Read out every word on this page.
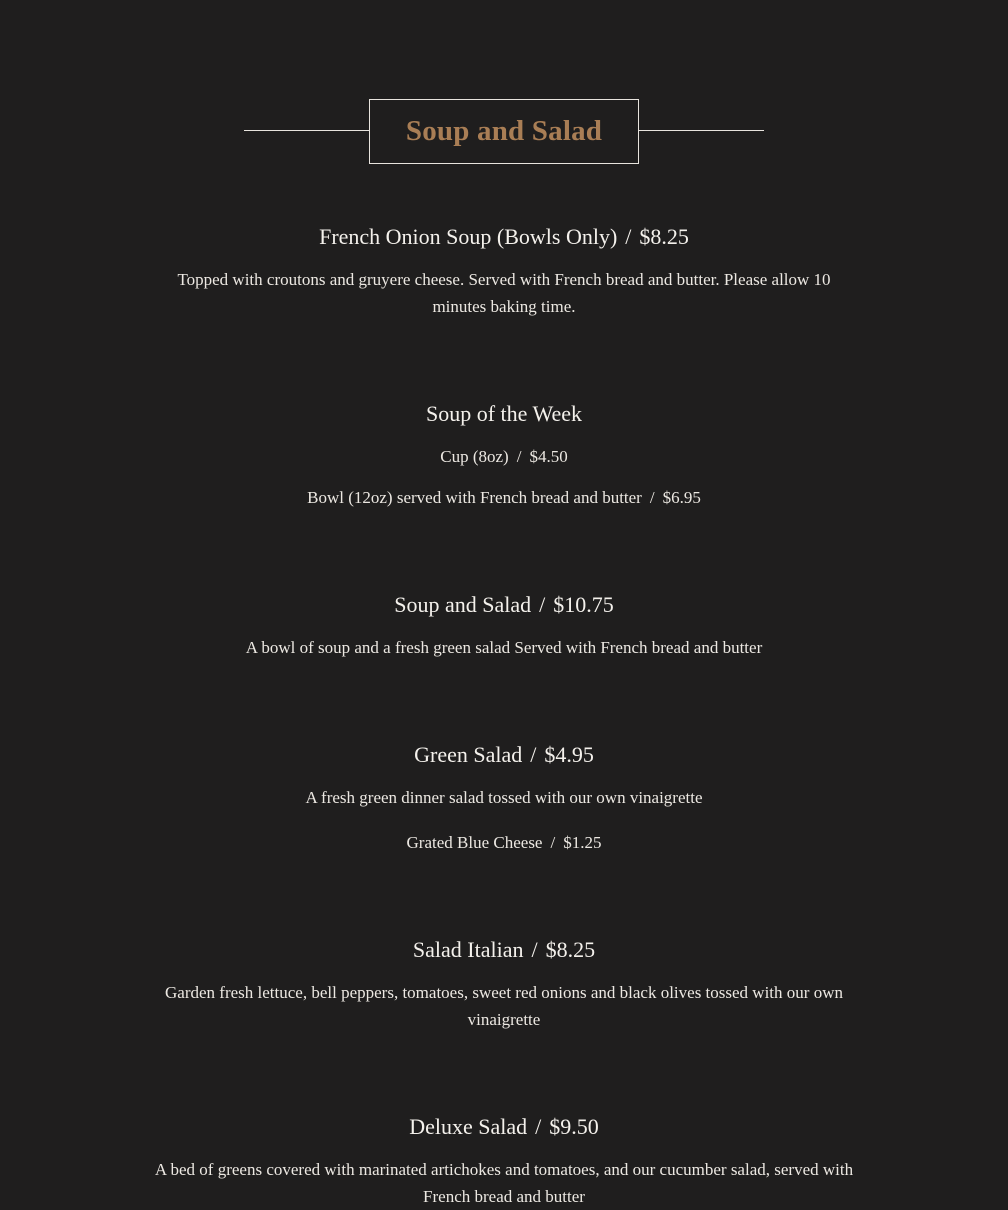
Soup and Salad
French Onion Soup (Bowls Only) / $8.25
Topped with croutons and gruyere cheese. Served with French bread and butter. Please allow 10 minutes baking time.
Soup of the Week
Cup (8oz) / $4.50
Bowl (12oz) served with French bread and butter / $6.95
Soup and Salad / $10.75
A bowl of soup and a fresh green salad Served with French bread and butter
Green Salad / $4.95
A fresh green dinner salad tossed with our own vinaigrette
Grated Blue Cheese / $1.25
Salad Italian / $8.25
Garden fresh lettuce, bell peppers, tomatoes, sweet red onions and black olives tossed with our own vinaigrette
Deluxe Salad / $9.50
A bed of greens covered with marinated artichokes and tomatoes, and our cucumber salad, served with French bread and butter
